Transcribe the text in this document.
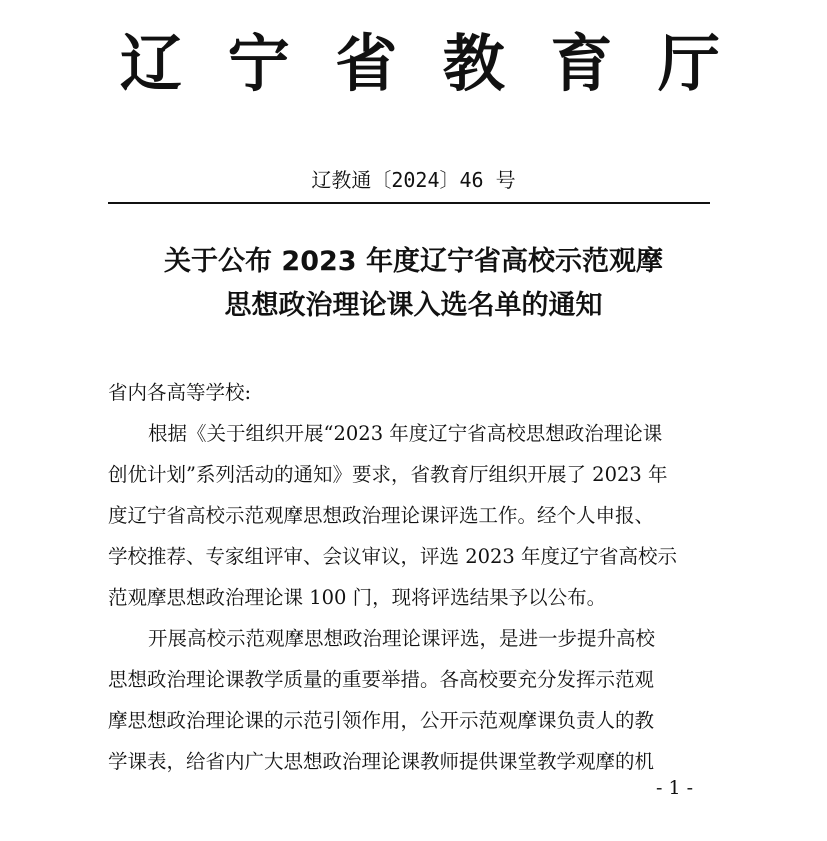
辽 宁 省 教 育 厅
辽教通〔2024〕46 号
关于公布 2023 年度辽宁省高校示范观摩
思想政治理论课入选名单的通知
省内各高等学校:
根据《关于组织开展“2023 年度辽宁省高校思想政治理论课
创优计划”系列活动的通知》要求，省教育厅组织开展了 2023 年
度辽宁省高校示范观摩思想政治理论课评选工作。经个人申报、
学校推荐、专家组评审、会议审议，评选 2023 年度辽宁省高校示
范观摩思想政治理论课 100 门，现将评选结果予以公布。
开展高校示范观摩思想政治理论课评选，是进一步提升高校
思想政治理论课教学质量的重要举措。各高校要充分发挥示范观
摩思想政治理论课的示范引领作用，公开示范观摩课负责人的教
学课表，给省内广大思想政治理论课教师提供课堂教学观摩的机
- 1 -
